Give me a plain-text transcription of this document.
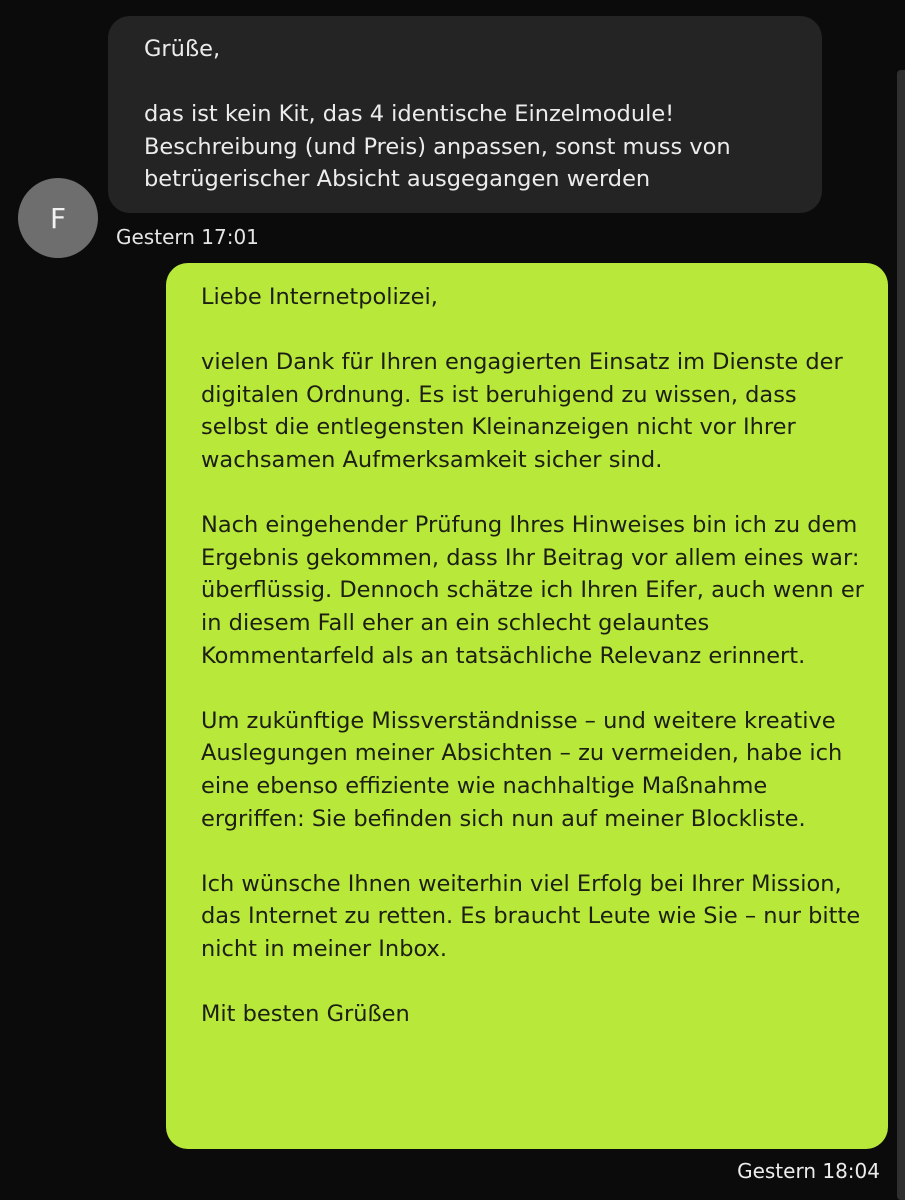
Grüße,

das ist kein Kit, das 4 identische Einzelmodule! Beschreibung (und Preis) anpassen, sonst muss von betrügerischer Absicht ausgegangen werden

F
Gestern 17:01

Liebe Internetpolizei,

vielen Dank für Ihren engagierten Einsatz im Dienste der digitalen Ordnung. Es ist beruhigend zu wissen, dass selbst die entlegensten Kleinanzeigen nicht vor Ihrer wachsamen Aufmerksamkeit sicher sind.

Nach eingehender Prüfung Ihres Hinweises bin ich zu dem Ergebnis gekommen, dass Ihr Beitrag vor allem eines war: überflüssig. Dennoch schätze ich Ihren Eifer, auch wenn er in diesem Fall eher an ein schlecht gelauntes Kommentarfeld als an tatsächliche Relevanz erinnert.

Um zukünftige Missverständnisse – und weitere kreative Auslegungen meiner Absichten – zu vermeiden, habe ich eine ebenso effiziente wie nachhaltige Maßnahme ergriffen: Sie befinden sich nun auf meiner Blockliste.

Ich wünsche Ihnen weiterhin viel Erfolg bei Ihrer Mission, das Internet zu retten. Es braucht Leute wie Sie – nur bitte nicht in meiner Inbox.

Mit besten Grüßen

Gestern 18:04
